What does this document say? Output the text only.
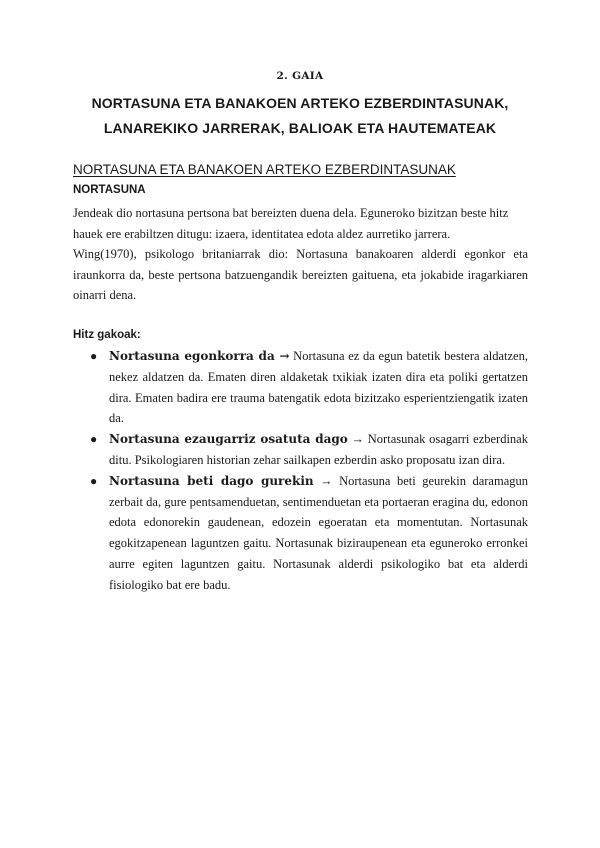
2. GAIA
NORTASUNA ETA BANAKOEN ARTEKO EZBERDINTASUNAK,
LANAREKIKO JARRERAK, BALIOAK ETA HAUTEMATEAK
NORTASUNA ETA BANAKOEN ARTEKO EZBERDINTASUNAK
NORTASUNA
Jendeak dio nortasuna pertsona bat bereizten duena dela. Eguneroko bizitzan beste hitz hauek ere erabiltzen ditugu: izaera, identitatea edota aldez aurretiko jarrera.
Wing(1970), psikologo britaniarrak dio: Nortasuna banakoaren alderdi egonkor eta iraunkorra da, beste pertsona batzuengandik bereizten gaituena, eta jokabide iragarkiaren oinarri dena.
Hitz gakoak:
● Nortasuna egonkorra da → Nortasuna ez da egun batetik bestera aldatzen, nekez aldatzen da. Ematen diren aldaketak txikiak izaten dira eta poliki gertatzen dira. Ematen badira ere trauma batengatik edota bizitzako esperientziengatik izaten da.
● Nortasuna ezaugarriz osatuta dago → Nortasunak osagarri ezberdinak ditu. Psikologiaren historian zehar sailkapen ezberdin asko proposatu izan dira.
● Nortasuna beti dago gurekin → Nortasuna beti geurekin daramagun zerbait da, gure pentsamenduetan, sentimenduetan eta portaeran eragina du, edonon edota edonorekin gaudenean, edozein egoeratan eta momentutan. Nortasunak egokitzapenean laguntzen gaitu. Nortasunak biziraupenean eta eguneroko erronkei aurre egiten laguntzen gaitu. Nortasunak alderdi psikologiko bat eta alderdi fisiologiko bat ere badu.
